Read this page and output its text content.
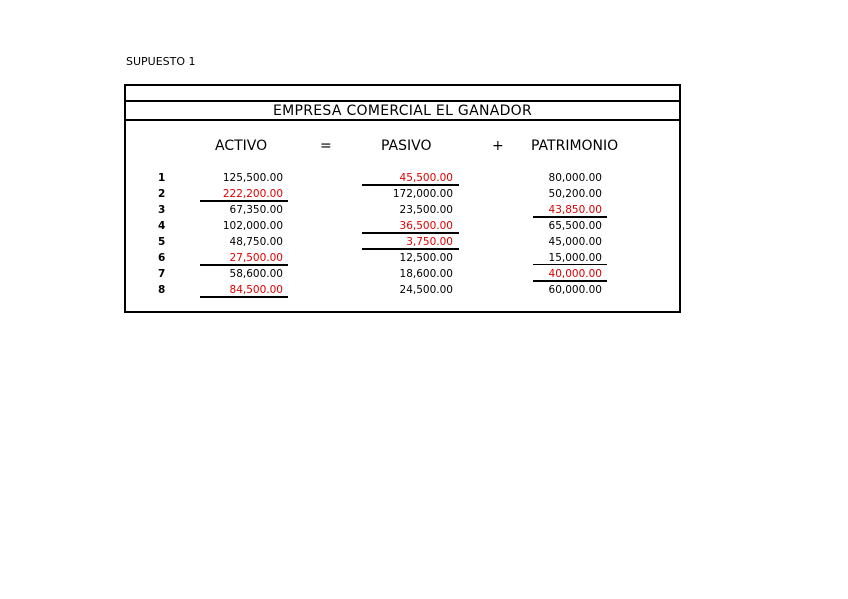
SUPUESTO 1
EMPRESA COMERCIAL EL GANADOR
ACTIVO	=	PASIVO	+ PATRIMONIO
1	125,500.00	45,500.00	80,000.00
2	222,200.00	172,000.00	50,200.00
3	67,350.00	23,500.00	43,850.00
4	102,000.00	36,500.00	65,500.00
5	48,750.00	3,750.00	45,000.00
6	27,500.00	12,500.00	15,000.00
7	58,600.00	18,600.00	40,000.00
8	84,500.00	24,500.00	60,000.00
